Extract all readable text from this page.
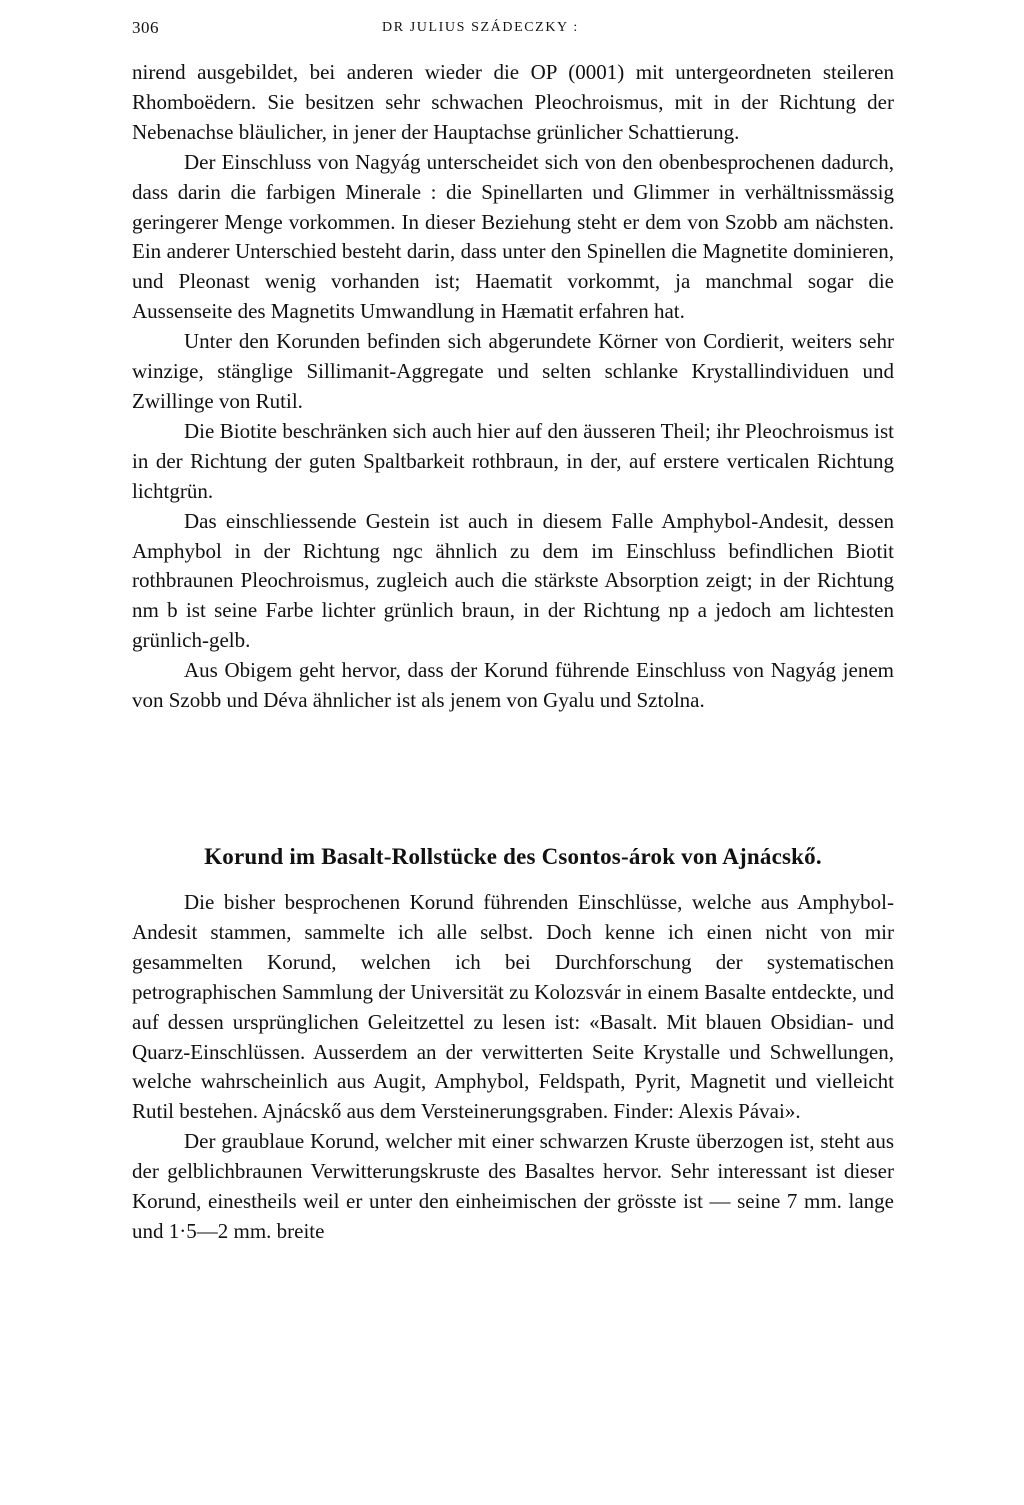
306	DR JULIUS SZÁDECZKY :

nirend ausgebildet, bei anderen wieder die OP (0001) mit untergeordneten steileren Rhomboëdern. Sie besitzen sehr schwachen Pleochroismus, mit in der Richtung der Nebenachse bläulicher, in jener der Hauptachse grünlicher Schattierung.

Der Einschluss von Nagyág unterscheidet sich von den obenbesprochenen dadurch, dass darin die farbigen Minerale : die Spinellarten und Glimmer in verhältnissmässig geringerer Menge vorkommen. In dieser Beziehung steht er dem von Szobb am nächsten. Ein anderer Unterschied besteht darin, dass unter den Spinellen die Magnetite dominieren, und Pleonast wenig vorhanden ist; Haematit vorkommt, ja manchmal sogar die Aussenseite des Magnetits Umwandlung in Hæmatit erfahren hat.

Unter den Korunden befinden sich abgerundete Körner von Cordierit, weiters sehr winzige, stänglige Sillimanit-Aggregate und selten schlanke Krystallindividuen und Zwillinge von Rutil.

Die Biotite beschränken sich auch hier auf den äusseren Theil; ihr Pleochroismus ist in der Richtung der guten Spaltbarkeit rothbraun, in der, auf erstere verticalen Richtung lichtgrün.

Das einschliessende Gestein ist auch in diesem Falle Amphybol-Andesit, dessen Amphybol in der Richtung ngc ähnlich zu dem im Einschluss befindlichen Biotit rothbraunen Pleochroismus, zugleich auch die stärkste Absorption zeigt; in der Richtung nm b ist seine Farbe lichter grünlich braun, in der Richtung np a jedoch am lichtesten grünlich-gelb.

Aus Obigem geht hervor, dass der Korund führende Einschluss von Nagyág jenem von Szobb und Déva ähnlicher ist als jenem von Gyalu und Sztolna.

Korund im Basalt-Rollstücke des Csontos-árok von Ajnácskő.

Die bisher besprochenen Korund führenden Einschlüsse, welche aus Amphybol-Andesit stammen, sammelte ich alle selbst. Doch kenne ich einen nicht von mir gesammelten Korund, welchen ich bei Durchforschung der systematischen petrographischen Sammlung der Universität zu Kolozsvár in einem Basalte entdeckte, und auf dessen ursprünglichen Geleitzettel zu lesen ist: «Basalt. Mit blauen Obsidian- und Quarz-Einschlüssen. Ausserdem an der verwitterten Seite Krystalle und Schwellungen, welche wahrscheinlich aus Augit, Amphybol, Feldspath, Pyrit, Magnetit und vielleicht Rutil bestehen. Ajnácskő aus dem Versteinerungsgraben. Finder: Alexis Pávai».

Der graublaue Korund, welcher mit einer schwarzen Kruste überzogen ist, steht aus der gelblichbraunen Verwitterungskruste des Basaltes hervor. Sehr interessant ist dieser Korund, einestheils weil er unter den einheimischen der grösste ist — seine 7 mm. lange und 1·5—2 mm. breite
